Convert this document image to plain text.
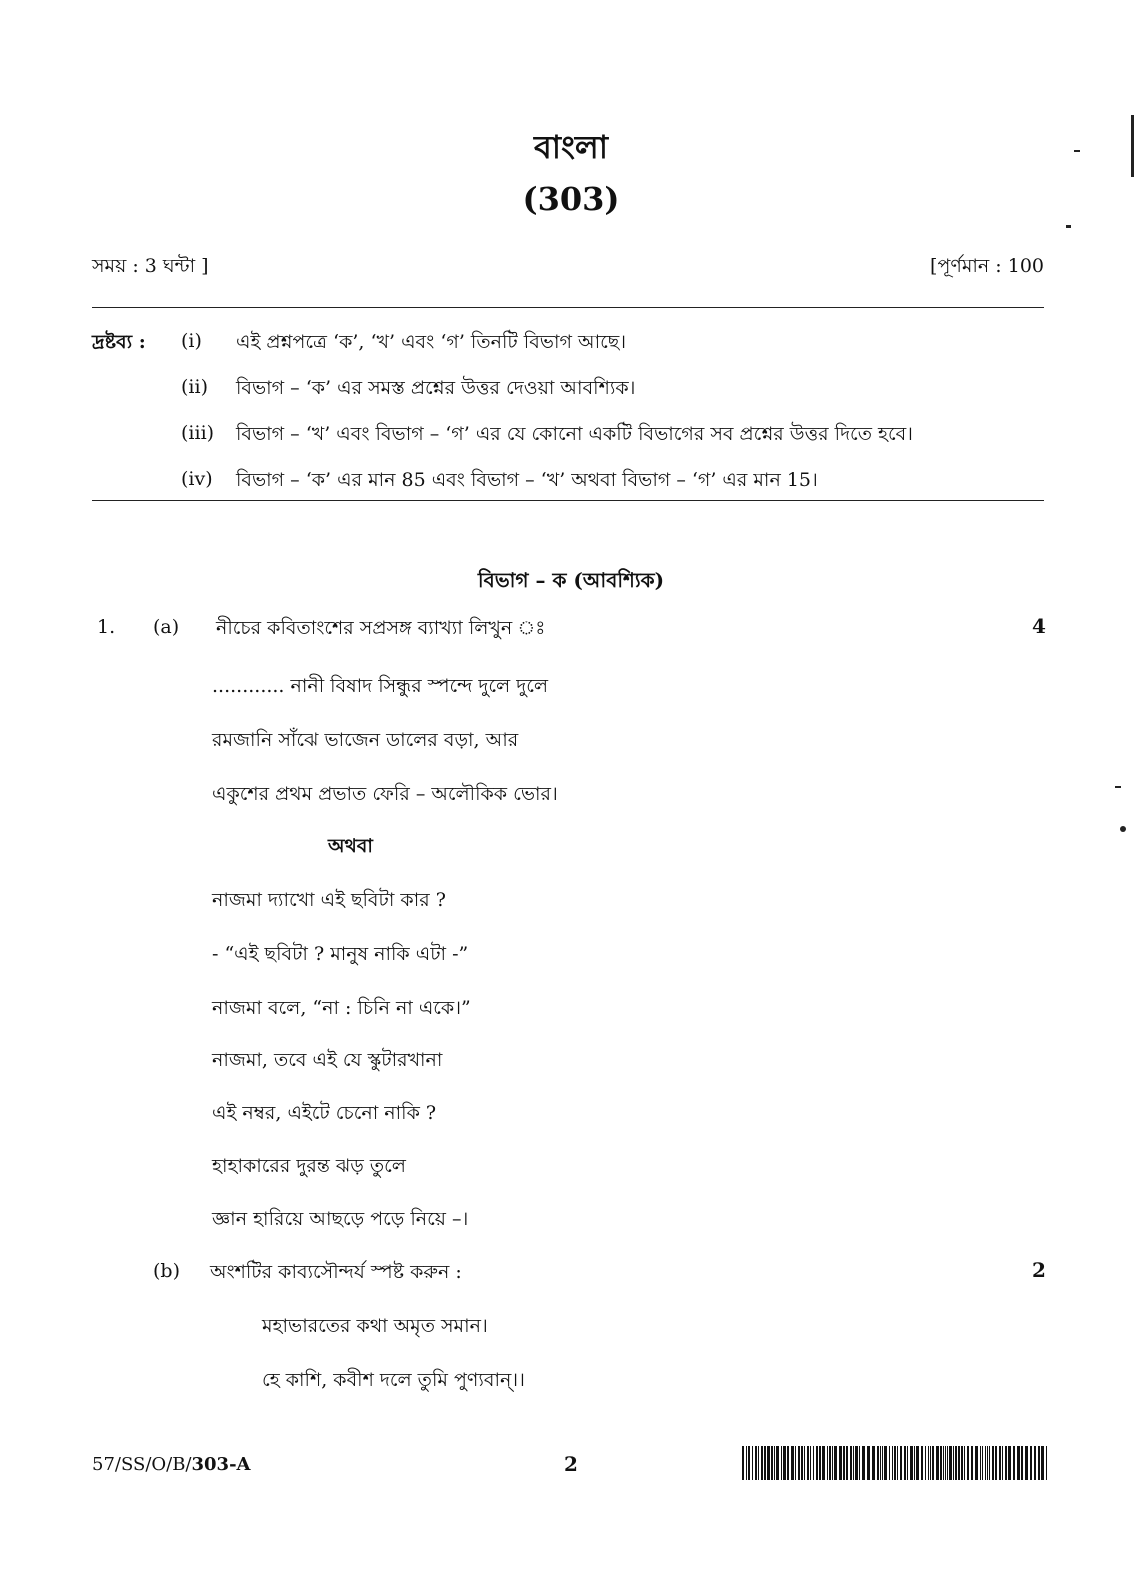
বাংলা
(303)
সময় : 3 ঘন্টা ]	[পূর্ণমান : 100
দ্রষ্টব্য : (i) এই প্রশ্নপত্রে ‘ক’, ‘খ’ এবং ‘গ’ তিনটি বিভাগ আছে।
(ii) বিভাগ – ‘ক’ এর সমস্ত প্রশ্নের উত্তর দেওয়া আবশ্যিক।
(iii) বিভাগ – ‘খ’ এবং বিভাগ – ‘গ’ এর যে কোনো একটি বিভাগের সব প্রশ্নের উত্তর দিতে হবে।
(iv) বিভাগ – ‘ক’ এর মান 85 এবং বিভাগ – ‘খ’ অথবা বিভাগ – ‘গ’ এর মান 15।
বিভাগ – ক (আবশ্যিক)
1. (a) নীচের কবিতাংশের সপ্রসঙ্গ ব্যাখ্যা লিখুন ঃ	4
............ নানী বিষাদ সিন্ধুর স্পন্দে দুলে দুলে
রমজানি সাঁঝে ভাজেন ডালের বড়া, আর
একুশের প্রথম প্রভাত ফেরি – অলৌকিক ভোর।
অথবা
নাজমা দ্যাখো এই ছবিটা কার ?
- “এই ছবিটা ? মানুষ নাকি এটা -”
নাজমা বলে, “না : চিনি না একে।”
নাজমা, তবে এই যে স্কুটারখানা
এই নম্বর, এইটে চেনো নাকি ?
হাহাকারের দুরন্ত ঝড় তুলে
জ্ঞান হারিয়ে আছড়ে পড়ে নিয়ে –।
(b) অংশটির কাব্যসৌন্দর্য স্পষ্ট করুন :	2
মহাভারতের কথা অমৃত সমান।
হে কাশি, কবীশ দলে তুমি পুণ্যবান্।।
57/SS/O/B/303-A	2
